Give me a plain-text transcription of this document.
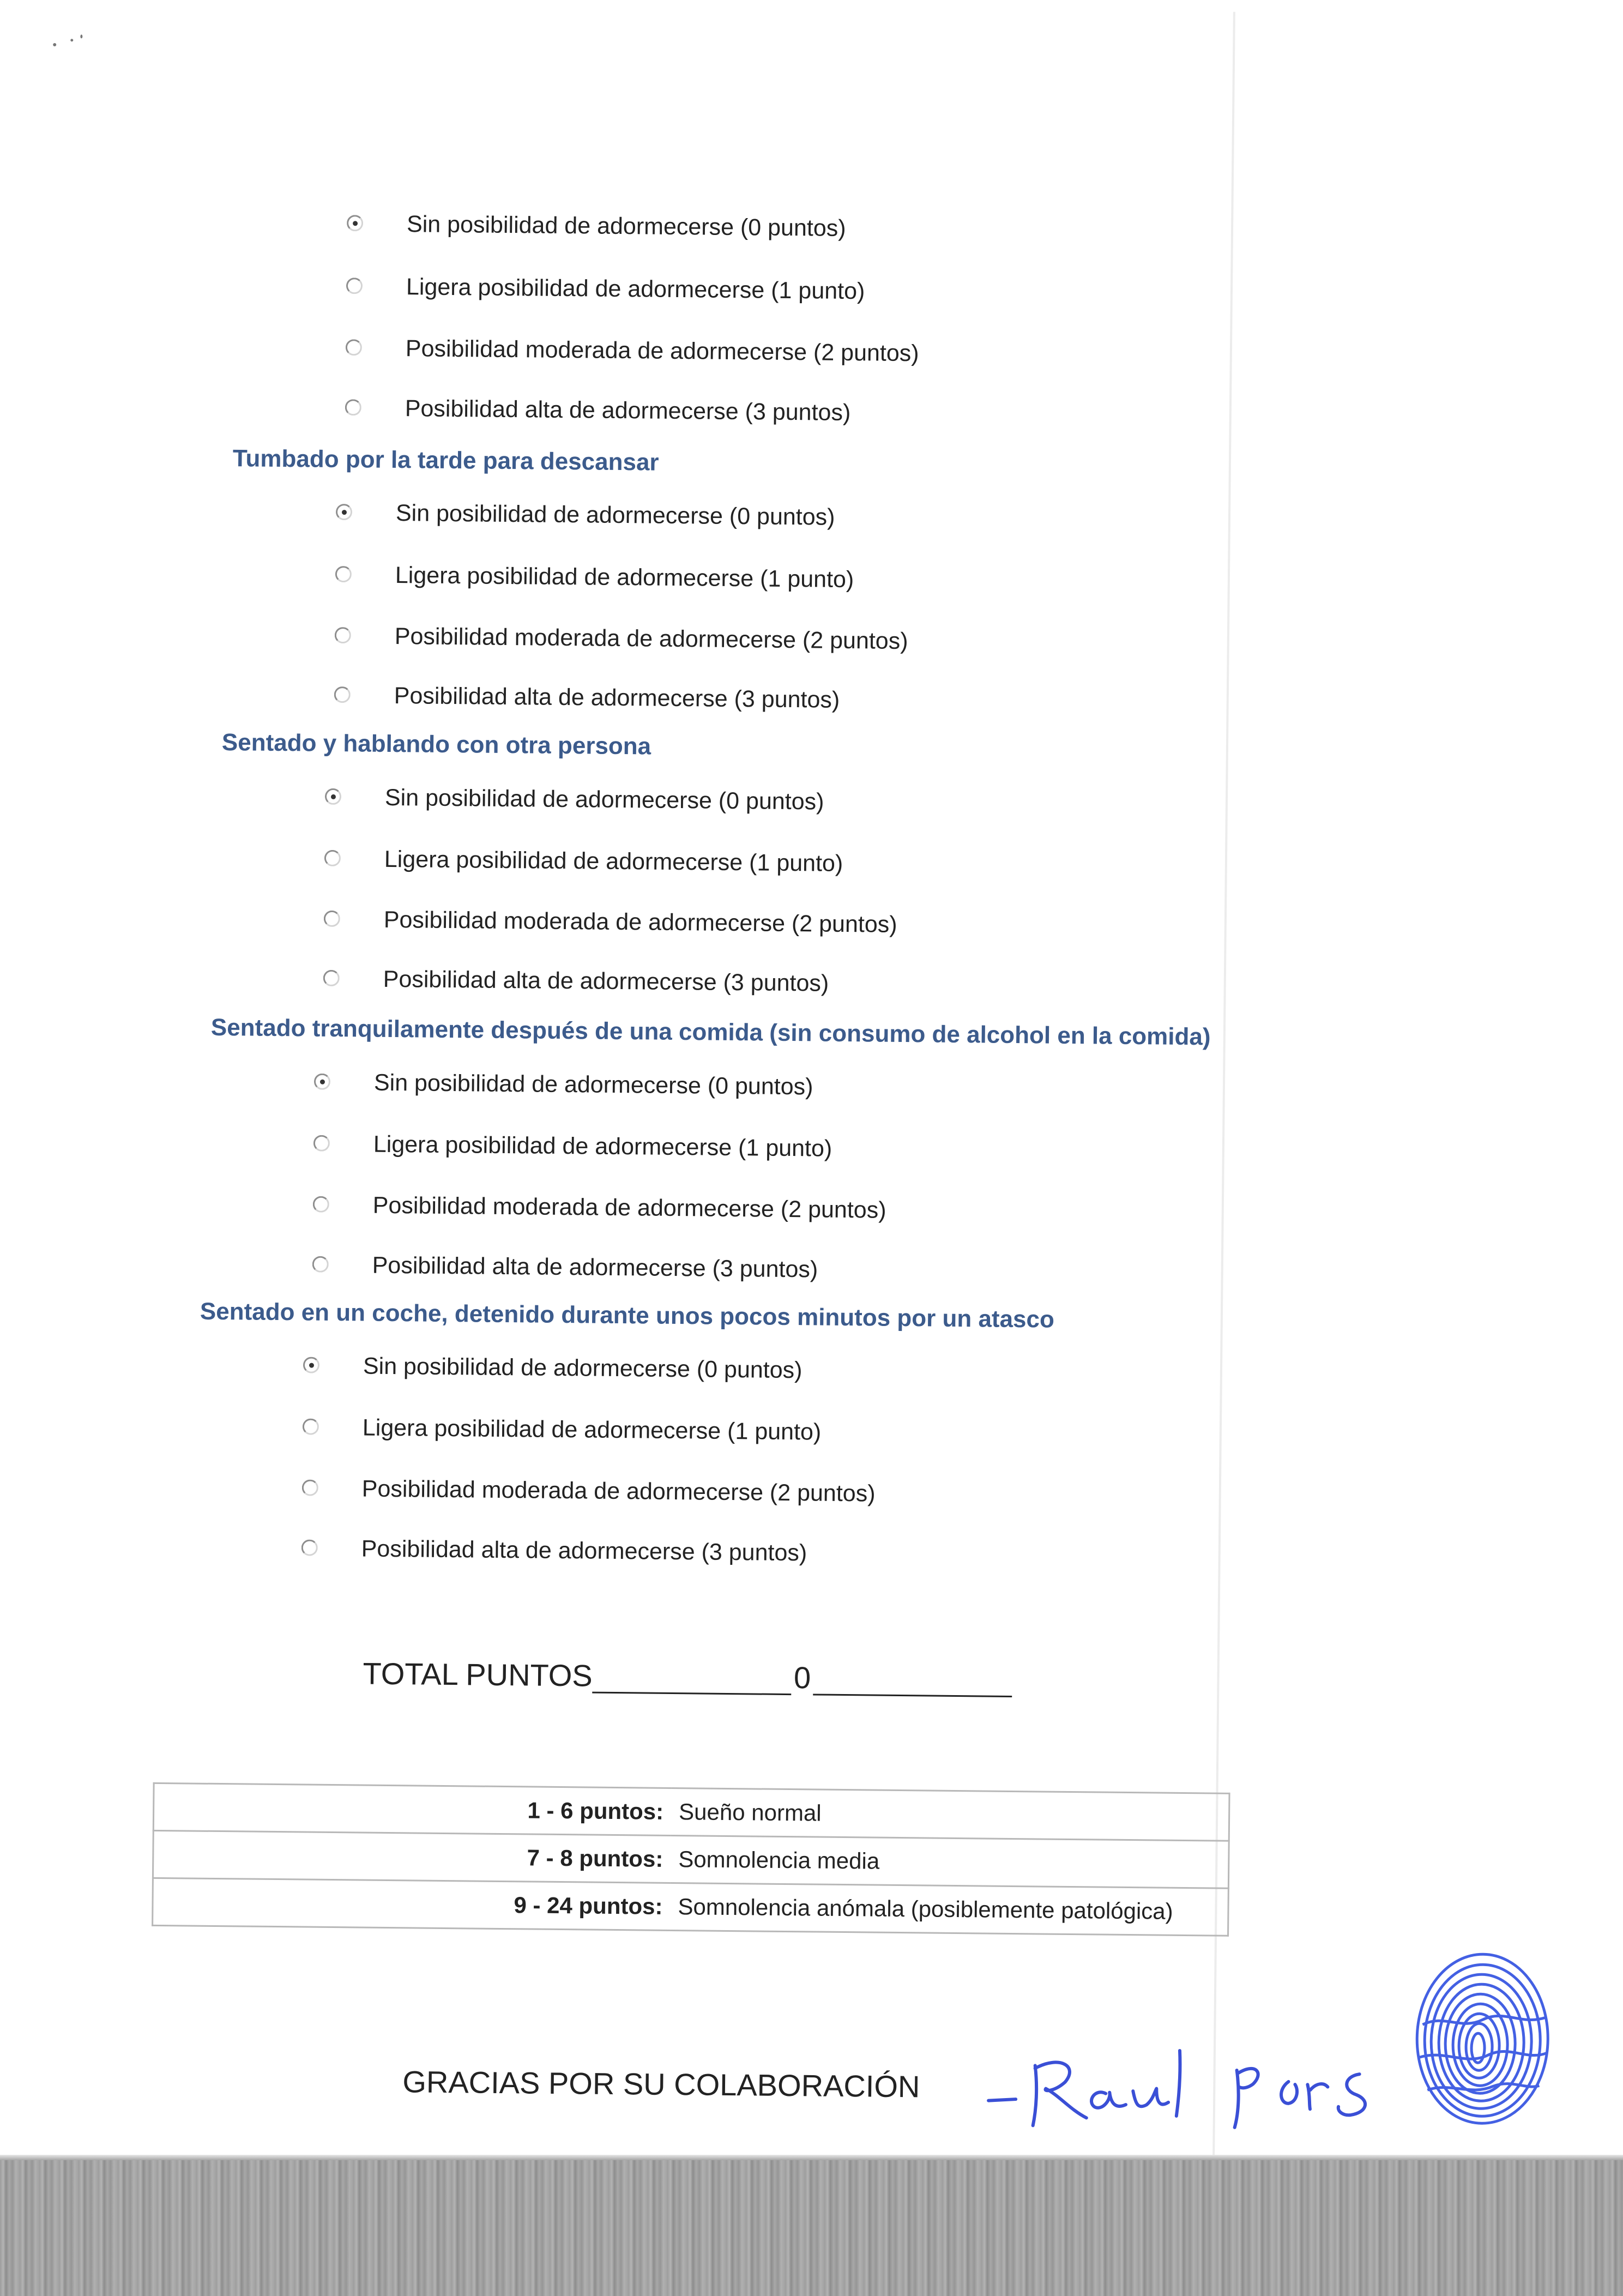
Sin posibilidad de adormecerse (0 puntos)
Ligera posibilidad de adormecerse (1 punto)
Posibilidad moderada de adormecerse (2 puntos)
Posibilidad alta de adormecerse (3 puntos)
Tumbado por la tarde para descansar
Sin posibilidad de adormecerse (0 puntos)
Ligera posibilidad de adormecerse (1 punto)
Posibilidad moderada de adormecerse (2 puntos)
Posibilidad alta de adormecerse (3 puntos)
Sentado y hablando con otra persona
Sin posibilidad de adormecerse (0 puntos)
Ligera posibilidad de adormecerse (1 punto)
Posibilidad moderada de adormecerse (2 puntos)
Posibilidad alta de adormecerse (3 puntos)
Sentado tranquilamente después de una comida (sin consumo de alcohol en la comida)
Sin posibilidad de adormecerse (0 puntos)
Ligera posibilidad de adormecerse (1 punto)
Posibilidad moderada de adormecerse (2 puntos)
Posibilidad alta de adormecerse (3 puntos)
Sentado en un coche, detenido durante unos pocos minutos por un atasco
Sin posibilidad de adormecerse (0 puntos)
Ligera posibilidad de adormecerse (1 punto)
Posibilidad moderada de adormecerse (2 puntos)
Posibilidad alta de adormecerse (3 puntos)
TOTAL PUNTOS	0
1 - 6 puntos:	Sueño normal
7 - 8 puntos:	Somnolencia media
9 - 24 puntos:	Somnolencia anómala (posiblemente patológica)
GRACIAS POR SU COLABORACIÓN
